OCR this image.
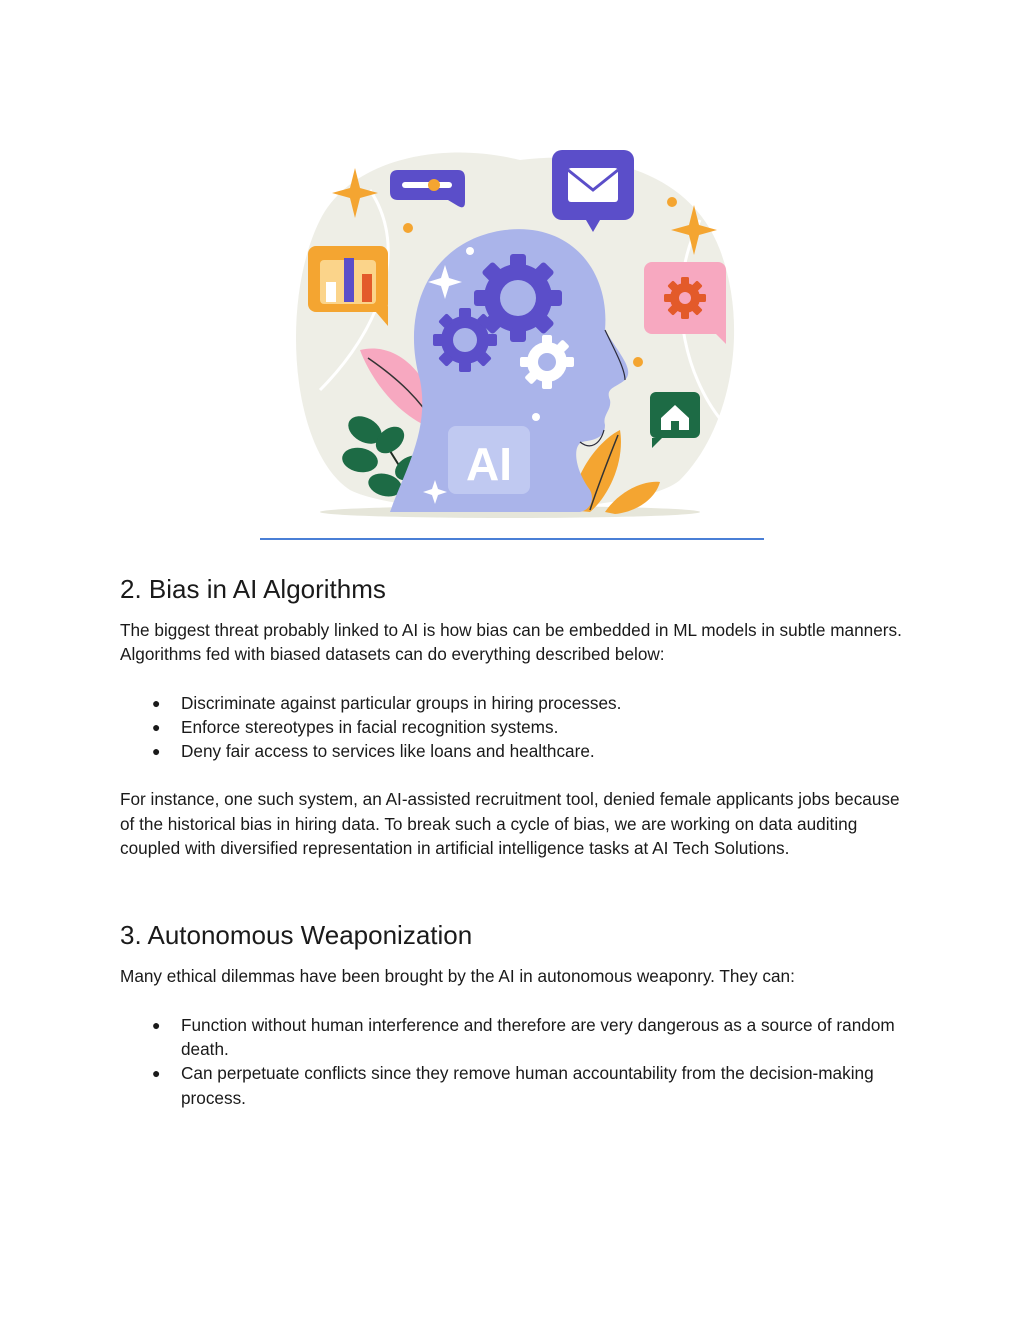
AI
2. Bias in AI Algorithms

The biggest threat probably linked to AI is how bias can be embedded in ML models in subtle manners. Algorithms fed with biased datasets can do everything described below:

● Discriminate against particular groups in hiring processes.
● Enforce stereotypes in facial recognition systems.
● Deny fair access to services like loans and healthcare.

For instance, one such system, an AI-assisted recruitment tool, denied female applicants jobs because of the historical bias in hiring data. To break such a cycle of bias, we are working on data auditing coupled with diversified representation in artificial intelligence tasks at AI Tech Solutions.

3. Autonomous Weaponization

Many ethical dilemmas have been brought by the AI in autonomous weaponry. They can:

● Function without human interference and therefore are very dangerous as a source of random death.
● Can perpetuate conflicts since they remove human accountability from the decision-making process.
